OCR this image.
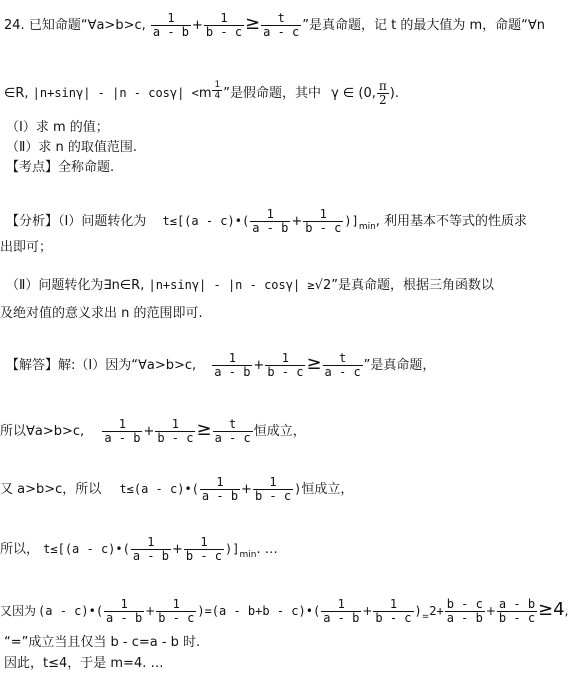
24. 已知命题“∀a>b>c, $\frac{1}{a - b} + \frac{1}{b - c} \ge \frac{t}{a - c}$ ”是真命题，记 t 的最大值为 m，命题“∀n
∈R, $|n+\sin\gamma| - |n - \cos\gamma| <m \frac{1}{4}$ ”是假命题，其中 γ ∈ (0, $\frac{\pi}{2}$ ).
（Ⅰ）求 m 的值；
（Ⅱ）求 n 的取值范围.
【考点】全称命题.
【分析】（Ⅰ）问题转化为 t≤[(a - c)•( $\frac{1}{a - b} + \frac{1}{b - c} )]_{min}$, 利用基本不等式的性质求
出即可；
（Ⅱ）问题转化为∃n∈R, |n+sinγ| - |n - cosγ| ≥√2”是真命题，根据三角函数以
及绝对值的意义求出 n 的范围即可.
【解答】解:（Ⅰ）因为“∀a>b>c, $\frac{1}{a - b} + \frac{1}{b - c} \ge \frac{t}{a - c}$ ”是真命题，
所以∀a>b>c, $\frac{1}{a - b} + \frac{1}{b - c} \ge \frac{t}{a - c}$ 恒成立，
又 a>b>c，所以 t≤(a - c)•( $\frac{1}{a - b} + \frac{1}{b - c}$ )恒成立，
所以， t≤[(a - c)•( $\frac{1}{a - b} + \frac{1}{b - c} )]_{min}$. …
又因为 (a - c)•( $\frac{1}{a - b} + \frac{1}{b - c} )=(a - b+b$ - c)•( $\frac{1}{a - b} + \frac{1}{b - c} )_=2+ \frac{b - c}{a - b} + \frac{a - b}{b - c} \ge 4$
“=”成立当且仅当 b - c=a - b 时.
因此，t≤4，于是 m=4. …
